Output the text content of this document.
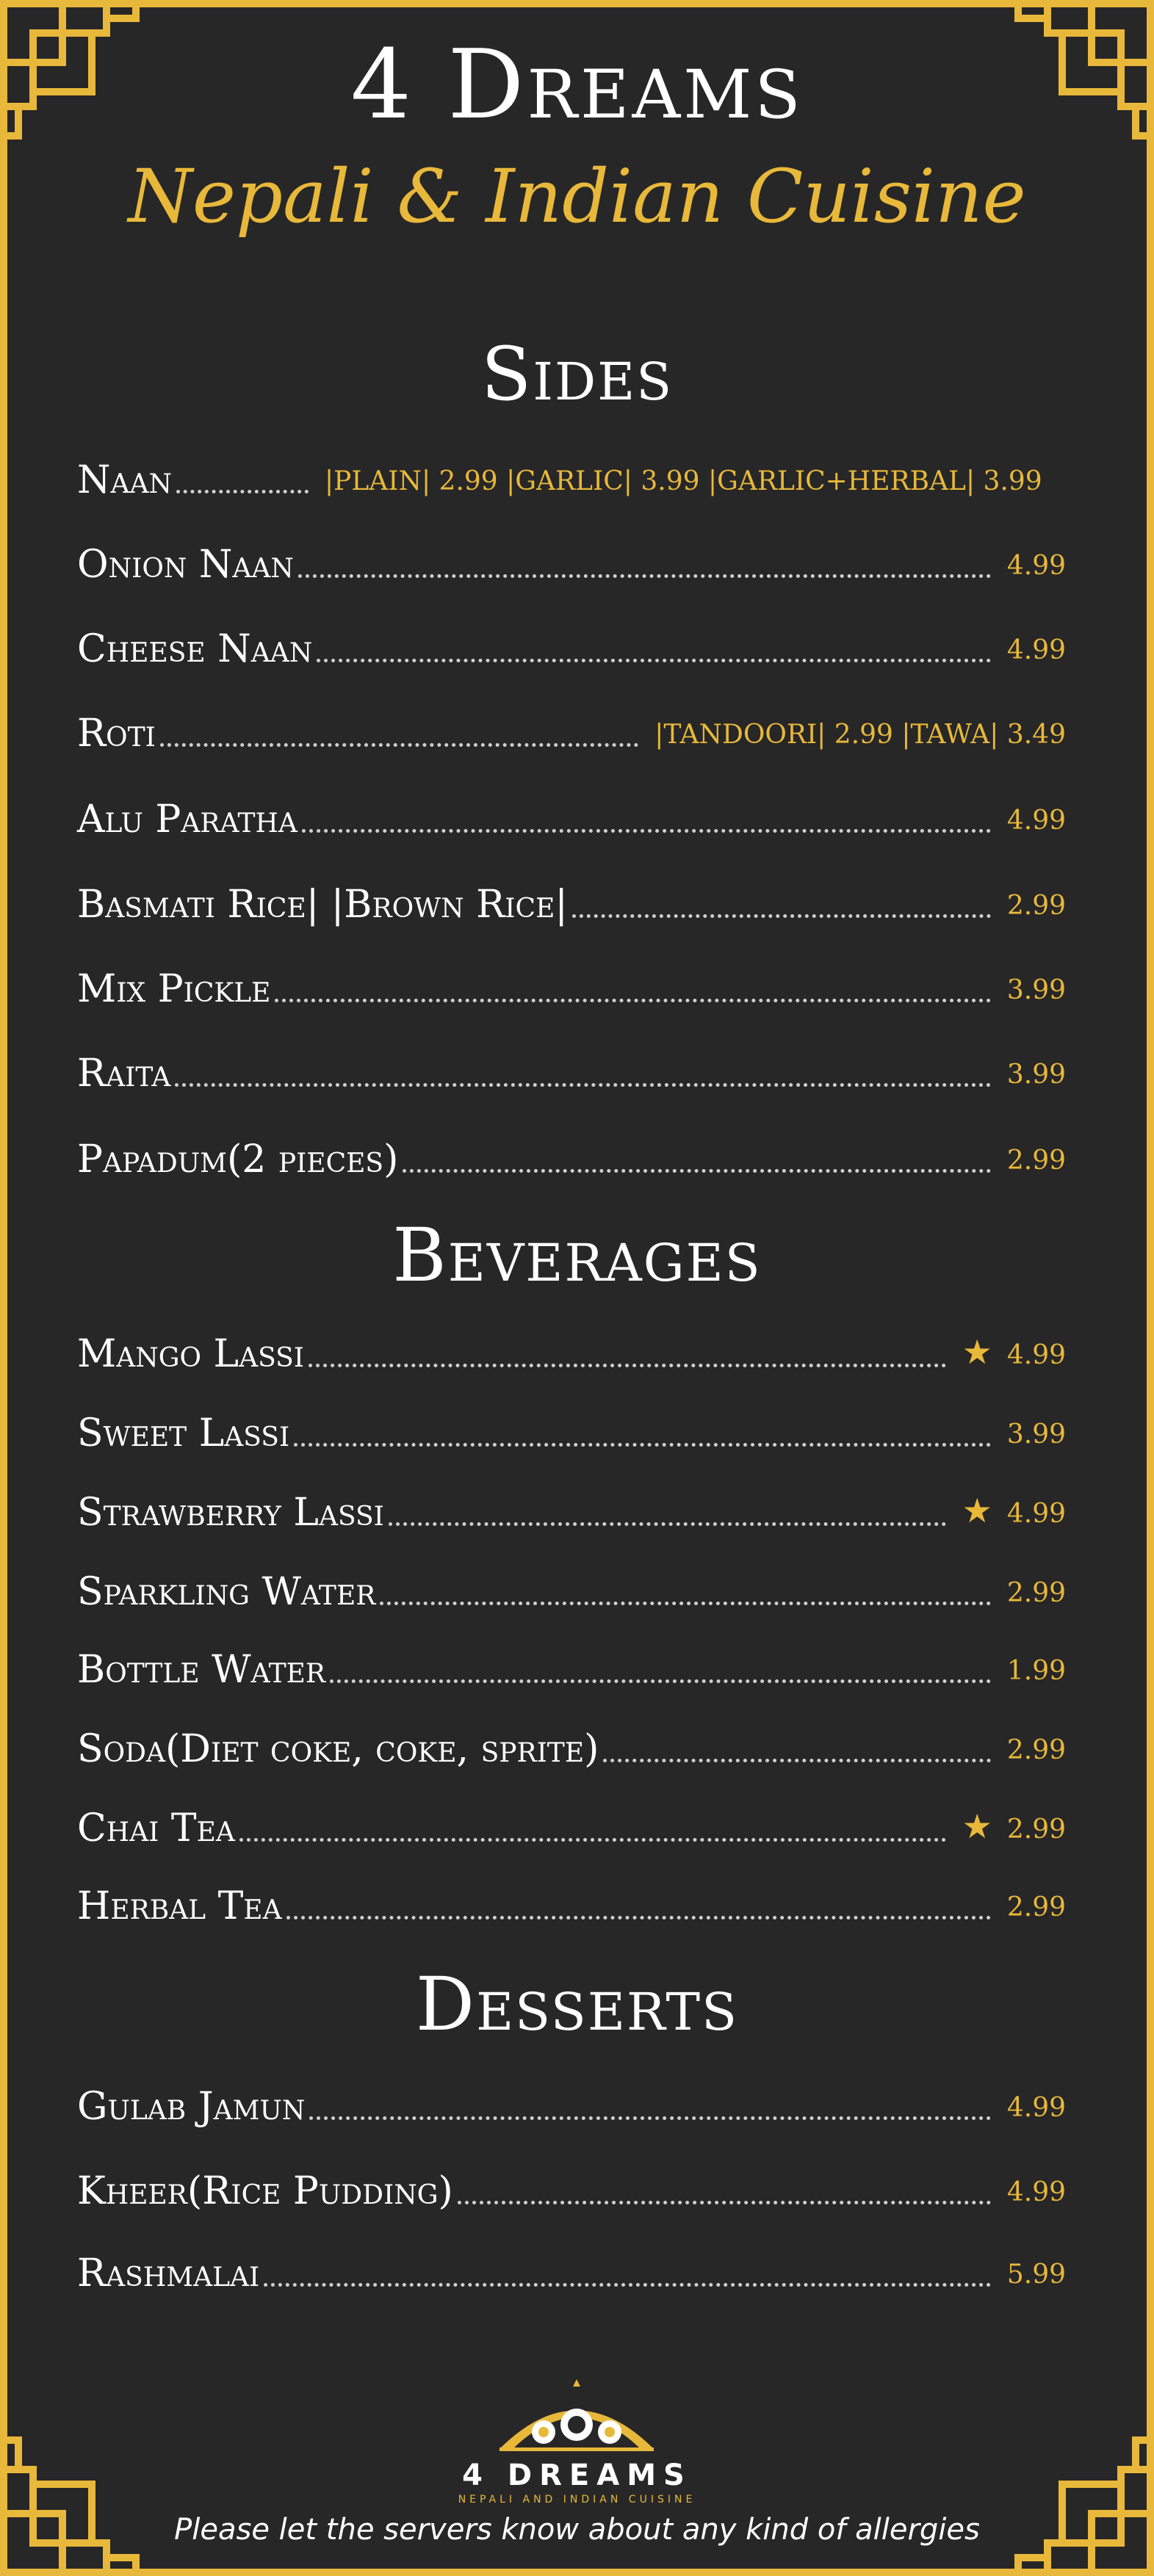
4 Dreams
Nepali & Indian Cuisine
Sides
Naan	|PLAIN| 2.99 |GARLIC| 3.99 |GARLIC+HERBAL| 3.99
Onion Naan	4.99
Cheese Naan	4.99
Roti	|TANDOORI| 2.99 |TAWA| 3.49
Alu Paratha	4.99
Basmati Rice| |Brown Rice|	2.99
Mix Pickle	3.99
Raita	3.99
Papadum(2 pieces)	2.99
Beverages
Mango Lassi	★ 4.99
Sweet Lassi	3.99
Strawberry Lassi	★ 4.99
Sparkling Water	2.99
Bottle Water	1.99
Soda(Diet coke, coke, sprite)	2.99
Chai Tea	★ 2.99
Herbal Tea	2.99
Desserts
Gulab Jamun	4.99
Kheer(Rice Pudding)	4.99
Rashmalai	5.99
4 DREAMS
NEPALI AND INDIAN CUISINE
Please let the servers know about any kind of allergies
